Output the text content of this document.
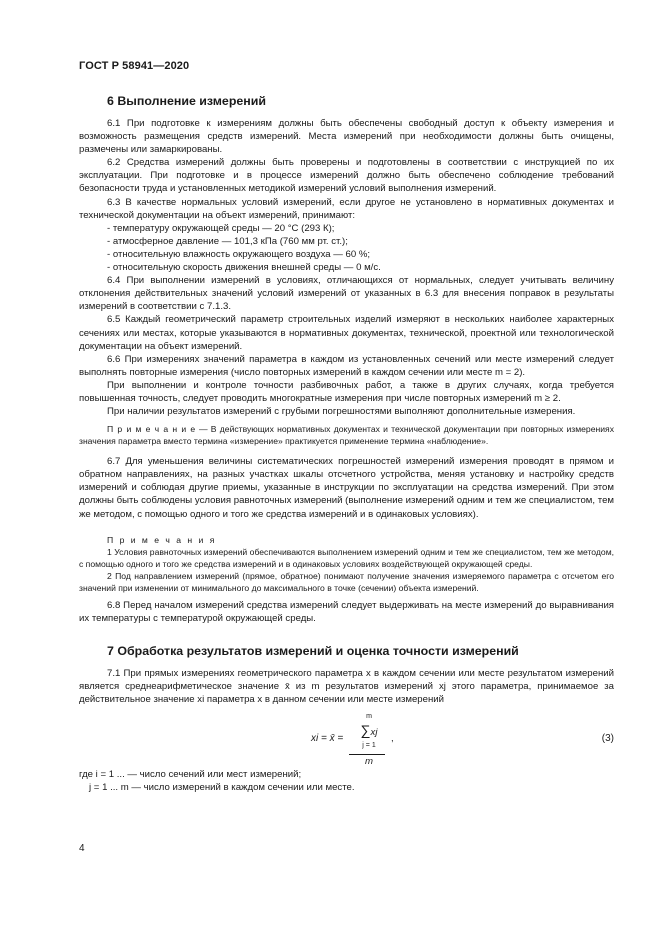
ГОСТ Р 58941—2020
6 Выполнение измерений

6.1 При подготовке к измерениям должны быть обеспечены свободный доступ к объекту измерения и возможность размещения средств измерений. Места измерений при необходимости должны быть очищены, размечены или замаркированы.

6.2 Средства измерений должны быть проверены и подготовлены в соответствии с инструкцией по их эксплуатации. При подготовке и в процессе измерений должно быть обеспечено соблюдение требований безопасности труда и установленных методикой измерений условий выполнения измерений.

6.3 В качестве нормальных условий измерений, если другое не установлено в нормативных документах и технической документации на объект измерений, принимают:

- температуру окружающей среды — 20 °C (293 К);

- атмосферное давление — 101,3 кПа (760 мм рт. ст.);

- относительную влажность окружающего воздуха — 60 %;

- относительную скорость движения внешней среды — 0 м/с.

6.4 При выполнении измерений в условиях, отличающихся от нормальных, следует учитывать величину отклонения действительных значений условий измерений от указанных в 6.3 для внесения поправок в результаты измерений в соответствии с 7.1.3.

6.5 Каждый геометрический параметр строительных изделий измеряют в нескольких наиболее характерных сечениях или местах, которые указываются в нормативных документах, технической, проектной или технологической документации на объект измерений.

6.6 При измерениях значений параметра в каждом из установленных сечений или месте измерений следует выполнять повторные измерения (число повторных измерений в каждом сечении или месте m = 2).

При выполнении и контроле точности разбивочных работ, а также в других случаях, когда требуется повышенная точность, следует проводить многократные измерения при числе повторных измерений m ≥ 2.

При наличии результатов измерений с грубыми погрешностями выполняют дополнительные измерения.

П р и м е ч а н и е — В действующих нормативных документах и технической документации при повторных измерениях значения параметра вместо термина «измерение» практикуется применение термина «наблюдение».

6.7 Для уменьшения величины систематических погрешностей измерений измерения проводят в прямом и обратном направлениях, на разных участках шкалы отсчетного устройства, меняя установку и настройку средств измерений и соблюдая другие приемы, указанные в инструкции по эксплуатации на средства измерений. При этом должны быть соблюдены условия равноточных измерений (выполнение измерений одним и тем же специалистом, тем же методом, с помощью одного и того же средства измерений и в одинаковых условиях).

П р и м е ч а н и я

1 Условия равноточных измерений обеспечиваются выполнением измерений одним и тем же специалистом, тем же методом, с помощью одного и того же средства измерений и в одинаковых условиях воздействующей окружающей среды.

2 Под направлением измерений (прямое, обратное) понимают получение значения измеряемого параметра с отсчетом его значений при изменении от минимального до максимального в точке (сечении) объекта измерений.

6.8 Перед началом измерений средства измерений следует выдерживать на месте измерений до выравнивания их температуры с температурой окружающей среды.

7 Обработка результатов измерений и оценка точности измерений

7.1 При прямых измерениях геометрического параметра x в каждом сечении или месте результатом измерений является среднеарифметическое значение x̄ из m результатов измерений xj этого параметра, принимаемое за действительное значение xi параметра x в данном сечении или месте измерений

xi = x̄ =
m
∑xj
j = 1
m
,	(3)

где i = 1 ... — число сечений или мест измерений;

j = 1 ... m — число измерений в каждом сечении или месте.

4
